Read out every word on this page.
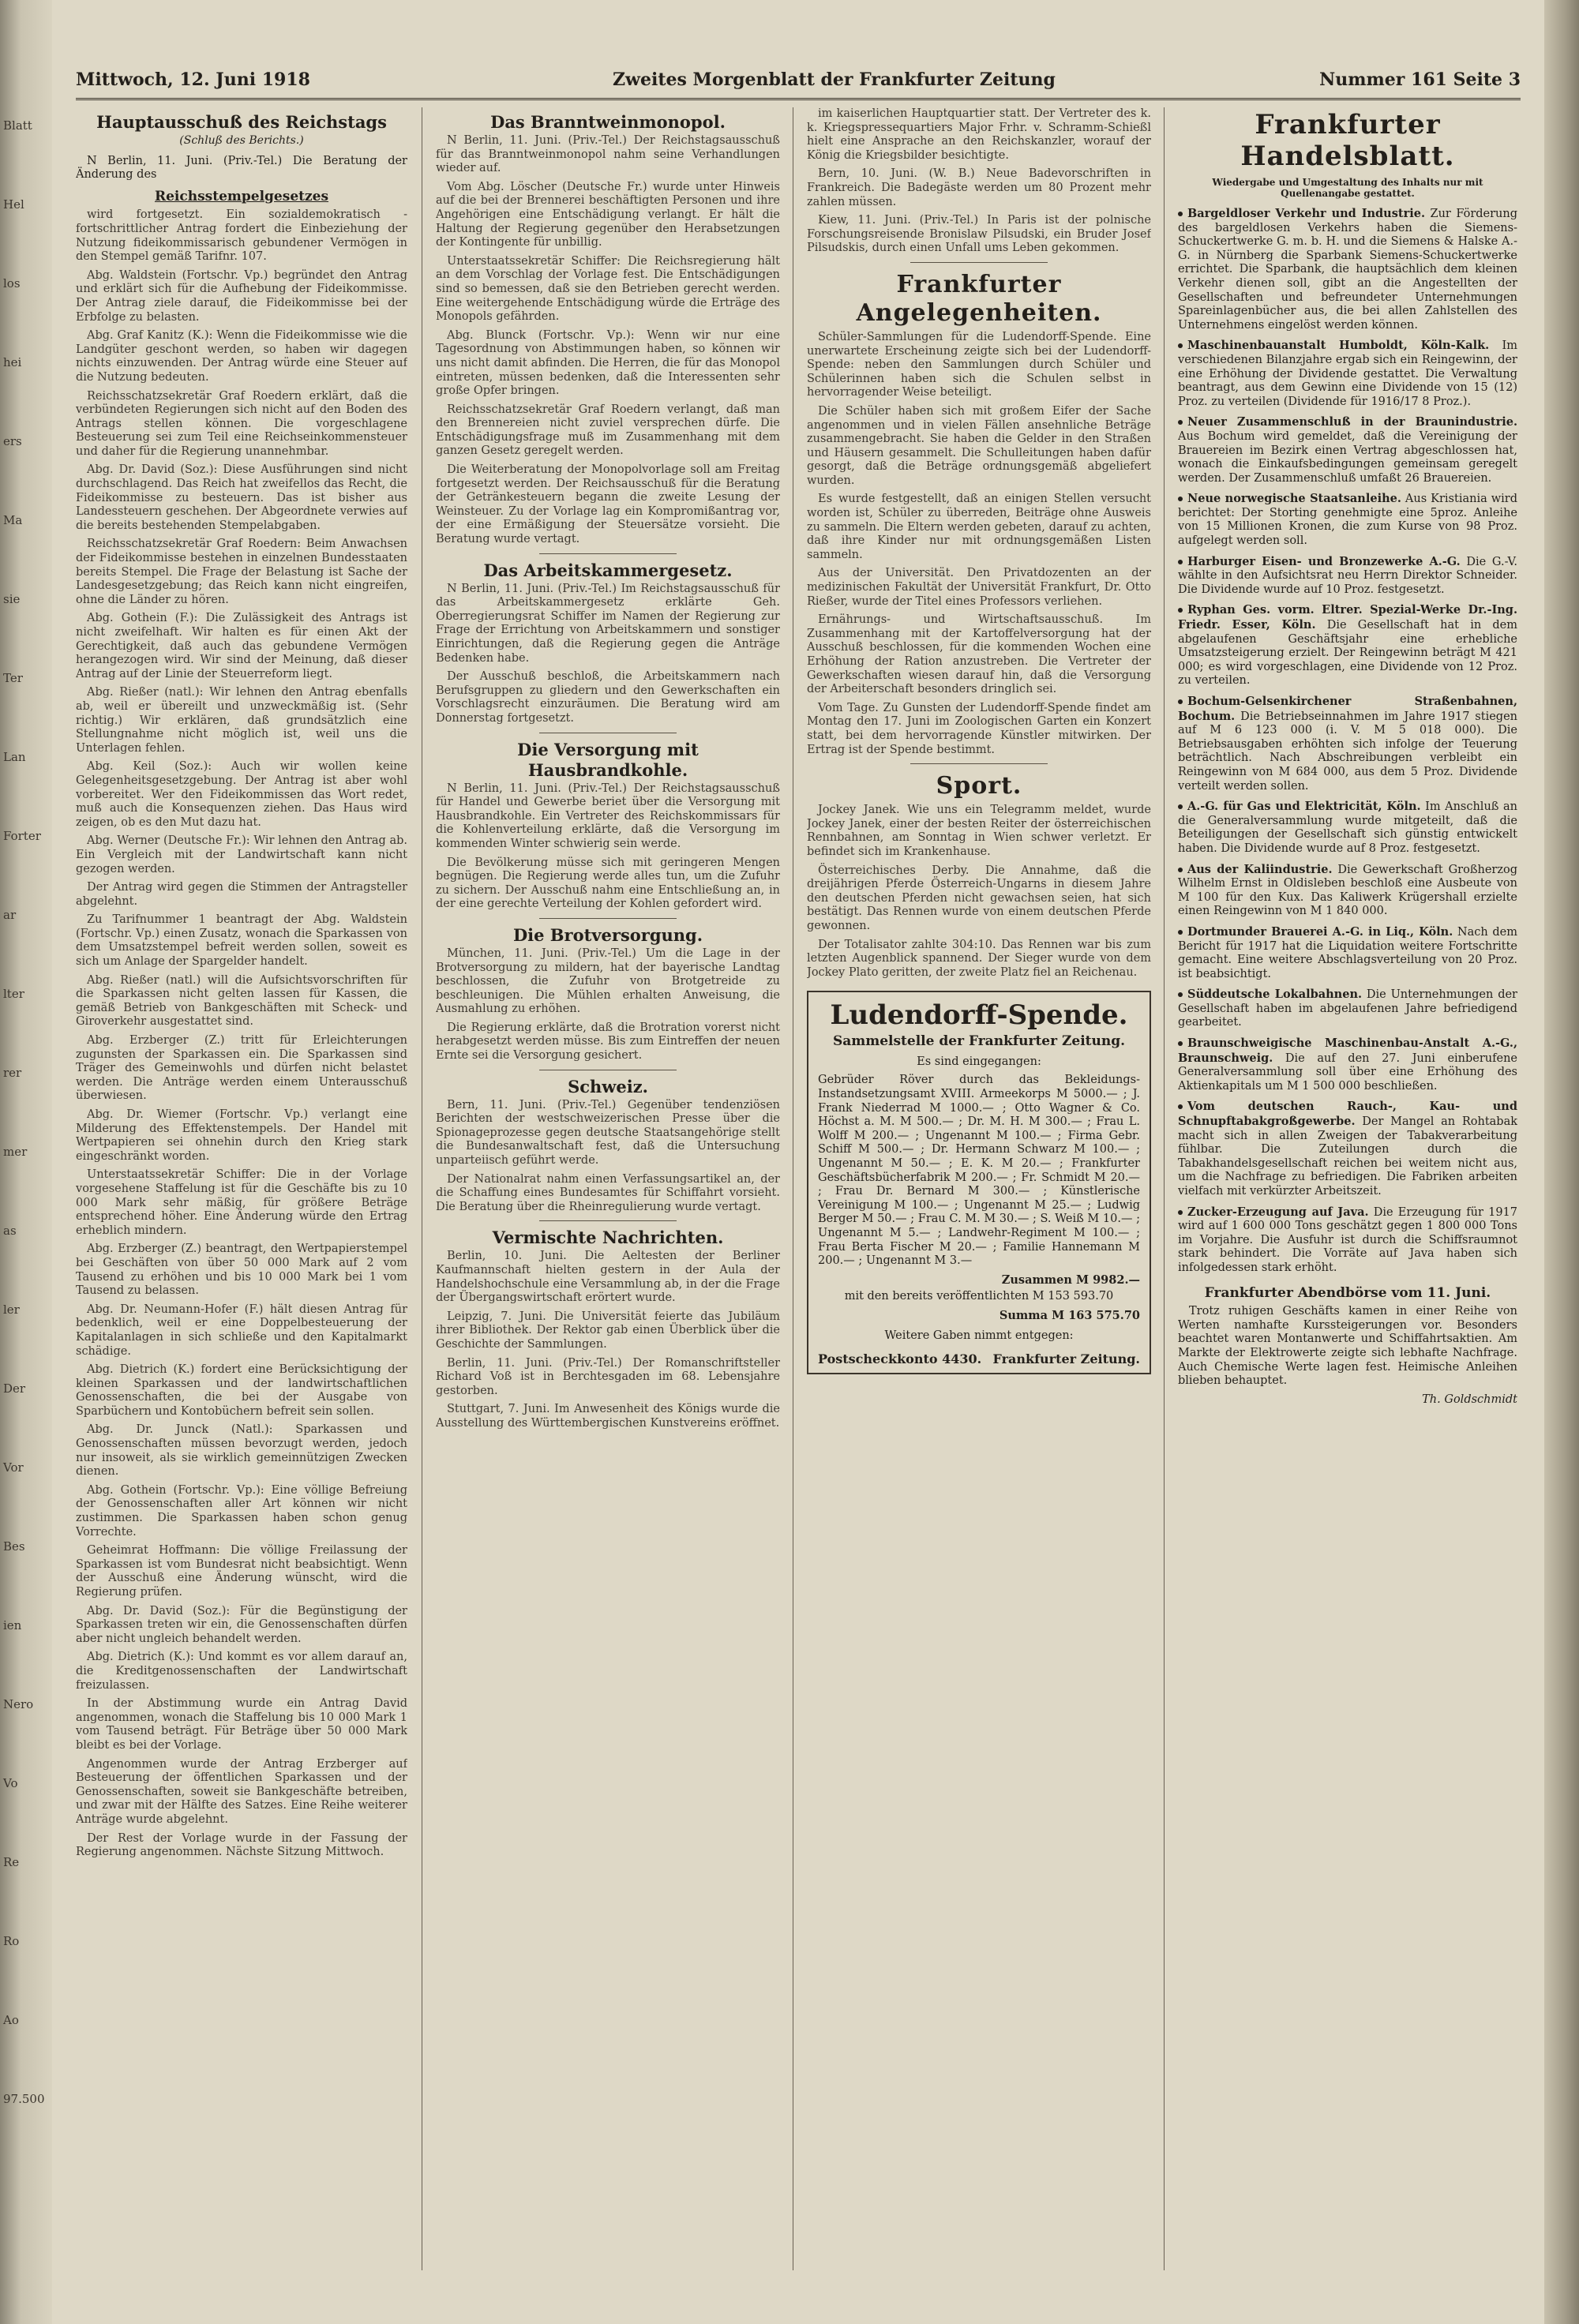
Blatt
Hel
los
hei
ers
Ma
sie
Ter
Lan
Forter
ar
lter
rer
mer
as
ler
Der
Vor
Bes
ien
Nero
Vo
Re
Ro
Ao
97.500
Mittwoch, 12. Juni 1918	Zweites Morgenblatt der Frankfurter Zeitung	Nummer 161 Seite 3
Hauptausschuß des Reichstags
(Schluß des Berichts.)

N Berlin, 11. Juni. (Priv.-Tel.) Die Beratung der Änderung des

Reichsstempelgesetzes

wird fortgesetzt. Ein sozialdemokratisch - fortschrittlicher Antrag fordert die Einbeziehung der Nutzung fideikommissarisch gebundener Vermögen in den Stempel gemäß Tarifnr. 107.

Abg. Waldstein (Fortschr. Vp.) begründet den Antrag und erklärt sich für die Aufhebung der Fideikommisse. Der Antrag ziele darauf, die Fideikommisse bei der Erbfolge zu belasten.

Abg. Graf Kanitz (K.): Wenn die Fideikommisse wie die Landgüter geschont werden, so haben wir dagegen nichts einzuwenden. Der Antrag würde eine Steuer auf die Nutzung bedeuten.

Reichsschatzsekretär Graf Roedern erklärt, daß die verbündeten Regierungen sich nicht auf den Boden des Antrags stellen können. Die vorgeschlagene Besteuerung sei zum Teil eine Reichseinkommensteuer und daher für die Regierung unannehmbar.

Abg. Dr. David (Soz.): Diese Ausführungen sind nicht durchschlagend. Das Reich hat zweifellos das Recht, die Fideikommisse zu besteuern. Das ist bisher aus Landessteuern geschehen. Der Abgeordnete verwies auf die bereits bestehenden Stempelabgaben.

Reichsschatzsekretär Graf Roedern: Beim Anwachsen der Fideikommisse bestehen in einzelnen Bundesstaaten bereits Stempel. Die Frage der Belastung ist Sache der Landesgesetzgebung; das Reich kann nicht eingreifen, ohne die Länder zu hören.

Abg. Gothein (F.): Die Zulässigkeit des Antrags ist nicht zweifelhaft. Wir halten es für einen Akt der Gerechtigkeit, daß auch das gebundene Vermögen herangezogen wird. Wir sind der Meinung, daß dieser Antrag auf der Linie der Steuerreform liegt.

Abg. Rießer (natl.): Wir lehnen den Antrag ebenfalls ab, weil er übereilt und unzweckmäßig ist. (Sehr richtig.) Wir erklären, daß grundsätzlich eine Stellungnahme nicht möglich ist, weil uns die Unterlagen fehlen.

Abg. Keil (Soz.): Auch wir wollen keine Gelegenheitsgesetzgebung. Der Antrag ist aber wohl vorbereitet. Wer den Fideikommissen das Wort redet, muß auch die Konsequenzen ziehen. Das Haus wird zeigen, ob es den Mut dazu hat.

Abg. Werner (Deutsche Fr.): Wir lehnen den Antrag ab. Ein Vergleich mit der Landwirtschaft kann nicht gezogen werden.

Der Antrag wird gegen die Stimmen der Antragsteller abgelehnt.

Zu Tarifnummer 1 beantragt der Abg. Waldstein (Fortschr. Vp.) einen Zusatz, wonach die Sparkassen von dem Umsatzstempel befreit werden sollen, soweit es sich um Anlage der Spargelder handelt.

Abg. Rießer (natl.) will die Aufsichtsvorschriften für die Sparkassen nicht gelten lassen für Kassen, die gemäß Betrieb von Bankgeschäften mit Scheck- und Giroverkehr ausgestattet sind.

Abg. Erzberger (Z.) tritt für Erleichterungen zugunsten der Sparkassen ein. Die Sparkassen sind Träger des Gemeinwohls und dürfen nicht belastet werden. Die Anträge werden einem Unterausschuß überwiesen.

Abg. Dr. Wiemer (Fortschr. Vp.) verlangt eine Milderung des Effektenstempels. Der Handel mit Wertpapieren sei ohnehin durch den Krieg stark eingeschränkt worden.

Unterstaatssekretär Schiffer: Die in der Vorlage vorgesehene Staffelung ist für die Geschäfte bis zu 10 000 Mark sehr mäßig, für größere Beträge entsprechend höher. Eine Änderung würde den Ertrag erheblich mindern.

Abg. Erzberger (Z.) beantragt, den Wertpapierstempel bei Geschäften von über 50 000 Mark auf 2 vom Tausend zu erhöhen und bis 10 000 Mark bei 1 vom Tausend zu belassen.

Abg. Dr. Neumann-Hofer (F.) hält diesen Antrag für bedenklich, weil er eine Doppelbesteuerung der Kapitalanlagen in sich schließe und den Kapitalmarkt schädige.

Abg. Dietrich (K.) fordert eine Berücksichtigung der kleinen Sparkassen und der landwirtschaftlichen Genossenschaften, die bei der Ausgabe von Sparbüchern und Kontobüchern befreit sein sollen.

Abg. Dr. Junck (Natl.): Sparkassen und Genossenschaften müssen bevorzugt werden, jedoch nur insoweit, als sie wirklich gemeinnützigen Zwecken dienen.

Abg. Gothein (Fortschr. Vp.): Eine völlige Befreiung der Genossenschaften aller Art können wir nicht zustimmen. Die Sparkassen haben schon genug Vorrechte.

Geheimrat Hoffmann: Die völlige Freilassung der Sparkassen ist vom Bundesrat nicht beabsichtigt. Wenn der Ausschuß eine Änderung wünscht, wird die Regierung prüfen.

Abg. Dr. David (Soz.): Für die Begünstigung der Sparkassen treten wir ein, die Genossenschaften dürfen aber nicht ungleich behandelt werden.

Abg. Dietrich (K.): Und kommt es vor allem darauf an, die Kreditgenossenschaften der Landwirtschaft freizulassen.

In der Abstimmung wurde ein Antrag David angenommen, wonach die Staffelung bis 10 000 Mark 1 vom Tausend beträgt. Für Beträge über 50 000 Mark bleibt es bei der Vorlage.

Angenommen wurde der Antrag Erzberger auf Besteuerung der öffentlichen Sparkassen und der Genossenschaften, soweit sie Bankgeschäfte betreiben, und zwar mit der Hälfte des Satzes. Eine Reihe weiterer Anträge wurde abgelehnt.

Der Rest der Vorlage wurde in der Fassung der Regierung angenommen. Nächste Sitzung Mittwoch.

Das Branntweinmonopol.

N Berlin, 11. Juni. (Priv.-Tel.) Der Reichstagsausschuß für das Branntweinmonopol nahm seine Verhandlungen wieder auf.

Vom Abg. Löscher (Deutsche Fr.) wurde unter Hinweis auf die bei der Brennerei beschäftigten Personen und ihre Angehörigen eine Entschädigung verlangt. Er hält die Haltung der Regierung gegenüber den Herabsetzungen der Kontingente für unbillig.

Unterstaatssekretär Schiffer: Die Reichsregierung hält an dem Vorschlag der Vorlage fest. Die Entschädigungen sind so bemessen, daß sie den Betrieben gerecht werden. Eine weitergehende Entschädigung würde die Erträge des Monopols gefährden.

Abg. Blunck (Fortschr. Vp.): Wenn wir nur eine Tagesordnung von Abstimmungen haben, so können wir uns nicht damit abfinden. Die Herren, die für das Monopol eintreten, müssen bedenken, daß die Interessenten sehr große Opfer bringen.

Reichsschatzsekretär Graf Roedern verlangt, daß man den Brennereien nicht zuviel versprechen dürfe. Die Entschädigungsfrage muß im Zusammenhang mit dem ganzen Gesetz geregelt werden.

Die Weiterberatung der Monopolvorlage soll am Freitag fortgesetzt werden. Der Reichsausschuß für die Beratung der Getränkesteuern begann die zweite Lesung der Weinsteuer. Zu der Vorlage lag ein Kompromißantrag vor, der eine Ermäßigung der Steuersätze vorsieht. Die Beratung wurde vertagt.

Das Arbeitskammergesetz.

N Berlin, 11. Juni. (Priv.-Tel.) Im Reichstagsausschuß für das Arbeitskammergesetz erklärte Geh. Oberregierungsrat Schiffer im Namen der Regierung zur Frage der Errichtung von Arbeitskammern und sonstiger Einrichtungen, daß die Regierung gegen die Anträge Bedenken habe.

Der Ausschuß beschloß, die Arbeitskammern nach Berufsgruppen zu gliedern und den Gewerkschaften ein Vorschlagsrecht einzuräumen. Die Beratung wird am Donnerstag fortgesetzt.

Die Versorgung mit Hausbrandkohle.

N Berlin, 11. Juni. (Priv.-Tel.) Der Reichstagsausschuß für Handel und Gewerbe beriet über die Versorgung mit Hausbrandkohle. Ein Vertreter des Reichskommissars für die Kohlenverteilung erklärte, daß die Versorgung im kommenden Winter schwierig sein werde.

Die Bevölkerung müsse sich mit geringeren Mengen begnügen. Die Regierung werde alles tun, um die Zufuhr zu sichern. Der Ausschuß nahm eine Entschließung an, in der eine gerechte Verteilung der Kohlen gefordert wird.

Die Brotversorgung.

München, 11. Juni. (Priv.-Tel.) Um die Lage in der Brotversorgung zu mildern, hat der bayerische Landtag beschlossen, die Zufuhr von Brotgetreide zu beschleunigen. Die Mühlen erhalten Anweisung, die Ausmahlung zu erhöhen.

Die Regierung erklärte, daß die Brotration vorerst nicht herabgesetzt werden müsse. Bis zum Eintreffen der neuen Ernte sei die Versorgung gesichert.

Schweiz.

Bern, 11. Juni. (Priv.-Tel.) Gegenüber tendenziösen Berichten der westschweizerischen Presse über die Spionageprozesse gegen deutsche Staatsangehörige stellt die Bundesanwaltschaft fest, daß die Untersuchung unparteiisch geführt werde.

Der Nationalrat nahm einen Verfassungsartikel an, der die Schaffung eines Bundesamtes für Schiffahrt vorsieht. Die Beratung über die Rheinregulierung wurde vertagt.

Vermischte Nachrichten.

Berlin, 10. Juni. Die Aeltesten der Berliner Kaufmannschaft hielten gestern in der Aula der Handelshochschule eine Versammlung ab, in der die Frage der Übergangswirtschaft erörtert wurde.

Leipzig, 7. Juni. Die Universität feierte das Jubiläum ihrer Bibliothek. Der Rektor gab einen Überblick über die Geschichte der Sammlungen.

Berlin, 11. Juni. (Priv.-Tel.) Der Romanschriftsteller Richard Voß ist in Berchtesgaden im 68. Lebensjahre gestorben.

Stuttgart, 7. Juni. Im Anwesenheit des Königs wurde die Ausstellung des Württembergischen Kunstvereins eröffnet.

im kaiserlichen Hauptquartier statt. Der Vertreter des k. k. Kriegspressequartiers Major Frhr. v. Schramm-Schießl hielt eine Ansprache an den Reichskanzler, worauf der König die Kriegsbilder besichtigte.

Bern, 10. Juni. (W. B.) Neue Badevorschriften in Frankreich. Die Badegäste werden um 80 Prozent mehr zahlen müssen.

Kiew, 11. Juni. (Priv.-Tel.) In Paris ist der polnische Forschungsreisende Bronislaw Pilsudski, ein Bruder Josef Pilsudskis, durch einen Unfall ums Leben gekommen.

Frankfurter Angelegenheiten.

Schüler-Sammlungen für die Ludendorff-Spende. Eine unerwartete Erscheinung zeigte sich bei der Ludendorff-Spende: neben den Sammlungen durch Schüler und Schülerinnen haben sich die Schulen selbst in hervorragender Weise beteiligt.

Die Schüler haben sich mit großem Eifer der Sache angenommen und in vielen Fällen ansehnliche Beträge zusammengebracht. Sie haben die Gelder in den Straßen und Häusern gesammelt. Die Schulleitungen haben dafür gesorgt, daß die Beträge ordnungsgemäß abgeliefert wurden.

Es wurde festgestellt, daß an einigen Stellen versucht worden ist, Schüler zu überreden, Beiträge ohne Ausweis zu sammeln. Die Eltern werden gebeten, darauf zu achten, daß ihre Kinder nur mit ordnungsgemäßen Listen sammeln.

Aus der Universität. Den Privatdozenten an der medizinischen Fakultät der Universität Frankfurt, Dr. Otto Rießer, wurde der Titel eines Professors verliehen.

Ernährungs- und Wirtschaftsausschuß. Im Zusammenhang mit der Kartoffelversorgung hat der Ausschuß beschlossen, für die kommenden Wochen eine Erhöhung der Ration anzustreben. Die Vertreter der Gewerkschaften wiesen darauf hin, daß die Versorgung der Arbeiterschaft besonders dringlich sei.

Vom Tage. Zu Gunsten der Ludendorff-Spende findet am Montag den 17. Juni im Zoologischen Garten ein Konzert statt, bei dem hervorragende Künstler mitwirken. Der Ertrag ist der Spende bestimmt.

Sport.

Jockey Janek. Wie uns ein Telegramm meldet, wurde Jockey Janek, einer der besten Reiter der österreichischen Rennbahnen, am Sonntag in Wien schwer verletzt. Er befindet sich im Krankenhause.

Österreichisches Derby. Die Annahme, daß die dreijährigen Pferde Österreich-Ungarns in diesem Jahre den deutschen Pferden nicht gewachsen seien, hat sich bestätigt. Das Rennen wurde von einem deutschen Pferde gewonnen.

Der Totalisator zahlte 304:10. Das Rennen war bis zum letzten Augenblick spannend. Der Sieger wurde von dem Jockey Plato geritten, der zweite Platz fiel an Reichenau.

Ludendorff-Spende.
Sammelstelle der Frankfurter Zeitung.
Es sind eingegangen:
Gebrüder Röver durch das Bekleidungs-Instandsetzungsamt XVIII. Armeekorps M 5000.— ; J. Frank Niederrad M 1000.— ; Otto Wagner & Co. Höchst a. M. M 500.— ; Dr. M. H. M 300.— ; Frau L. Wolff M 200.— ; Ungenannt M 100.— ; Firma Gebr. Schiff M 500.— ; Dr. Hermann Schwarz M 100.— ; Ungenannt M 50.— ; E. K. M 20.— ; Frankfurter Geschäftsbücherfabrik M 200.— ; Fr. Schmidt M 20.— ; Frau Dr. Bernard M 300.— ; Künstlerische Vereinigung M 100.— ; Ungenannt M 25.— ; Ludwig Berger M 50.— ; Frau C. M. M 30.— ; S. Weiß M 10.— ; Ungenannt M 5.— ; Landwehr-Regiment M 100.— ; Frau Berta Fischer M 20.— ; Familie Hannemann M 200.— ; Ungenannt M 3.—
Zusammen M 9982.—
mit den bereits veröffentlichten M 153 593.70
Summa M 163 575.70
Weitere Gaben nimmt entgegen:
Postscheckkonto 4430. Frankfurter Zeitung.
Frankfurter Handelsblatt.
Wiedergabe und Umgestaltung des Inhalts nur mit Quellenangabe gestattet.
Bargeldloser Verkehr und Industrie. Zur Förderung des bargeldlosen Verkehrs haben die Siemens-Schuckertwerke G. m. b. H. und die Siemens & Halske A.-G. in Nürnberg die Sparbank Siemens-Schuckertwerke errichtet. Die Sparbank, die hauptsächlich dem kleinen Verkehr dienen soll, gibt an die Angestellten der Gesellschaften und befreundeter Unternehmungen Spareinlagenbücher aus, die bei allen Zahlstellen des Unternehmens eingelöst werden können.
Maschinenbauanstalt Humboldt, Köln-Kalk. Im verschiedenen Bilanzjahre ergab sich ein Reingewinn, der eine Erhöhung der Dividende gestattet. Die Verwaltung beantragt, aus dem Gewinn eine Dividende von 15 (12) Proz. zu verteilen (Dividende für 1916/17 8 Proz.).
Neuer Zusammenschluß in der Braunindustrie. Aus Bochum wird gemeldet, daß die Vereinigung der Brauereien im Bezirk einen Vertrag abgeschlossen hat, wonach die Einkaufsbedingungen gemeinsam geregelt werden. Der Zusammenschluß umfaßt 26 Brauereien.
Neue norwegische Staatsanleihe. Aus Kristiania wird berichtet: Der Storting genehmigte eine 5proz. Anleihe von 15 Millionen Kronen, die zum Kurse von 98 Proz. aufgelegt werden soll.
Harburger Eisen- und Bronzewerke A.-G. Die G.-V. wählte in den Aufsichtsrat neu Herrn Direktor Schneider. Die Dividende wurde auf 10 Proz. festgesetzt.
Ryphan Ges. vorm. Eltrer. Spezial-Werke Dr.-Ing. Friedr. Esser, Köln. Die Gesellschaft hat in dem abgelaufenen Geschäftsjahr eine erhebliche Umsatzsteigerung erzielt. Der Reingewinn beträgt M 421 000; es wird vorgeschlagen, eine Dividende von 12 Proz. zu verteilen.
Bochum-Gelsenkirchener Straßenbahnen, Bochum. Die Betriebseinnahmen im Jahre 1917 stiegen auf M 6 123 000 (i. V. M 5 018 000). Die Betriebsausgaben erhöhten sich infolge der Teuerung beträchtlich. Nach Abschreibungen verbleibt ein Reingewinn von M 684 000, aus dem 5 Proz. Dividende verteilt werden sollen.
A.-G. für Gas und Elektricität, Köln. Im Anschluß an die Generalversammlung wurde mitgeteilt, daß die Beteiligungen der Gesellschaft sich günstig entwickelt haben. Die Dividende wurde auf 8 Proz. festgesetzt.
Aus der Kaliindustrie. Die Gewerkschaft Großherzog Wilhelm Ernst in Oldisleben beschloß eine Ausbeute von M 100 für den Kux. Das Kaliwerk Krügershall erzielte einen Reingewinn von M 1 840 000.
Dortmunder Brauerei A.-G. in Liq., Köln. Nach dem Bericht für 1917 hat die Liquidation weitere Fortschritte gemacht. Eine weitere Abschlagsverteilung von 20 Proz. ist beabsichtigt.
Süddeutsche Lokalbahnen. Die Unternehmungen der Gesellschaft haben im abgelaufenen Jahre befriedigend gearbeitet.
Braunschweigische Maschinenbau-Anstalt A.-G., Braunschweig. Die auf den 27. Juni einberufene Generalversammlung soll über eine Erhöhung des Aktienkapitals um M 1 500 000 beschließen.
Vom deutschen Rauch-, Kau- und Schnupftabakgroßgewerbe. Der Mangel an Rohtabak macht sich in allen Zweigen der Tabakverarbeitung fühlbar. Die Zuteilungen durch die Tabakhandelsgesellschaft reichen bei weitem nicht aus, um die Nachfrage zu befriedigen. Die Fabriken arbeiten vielfach mit verkürzter Arbeitszeit.
Zucker-Erzeugung auf Java. Die Erzeugung für 1917 wird auf 1 600 000 Tons geschätzt gegen 1 800 000 Tons im Vorjahre. Die Ausfuhr ist durch die Schiffsraumnot stark behindert. Die Vorräte auf Java haben sich infolgedessen stark erhöht.
Frankfurter Abendbörse vom 11. Juni.

Trotz ruhigen Geschäfts kamen in einer Reihe von Werten namhafte Kurssteigerungen vor. Besonders beachtet waren Montanwerte und Schiffahrtsaktien. Am Markte der Elektrowerte zeigte sich lebhafte Nachfrage. Auch Chemische Werte lagen fest. Heimische Anleihen blieben behauptet.

Th. Goldschmidt
